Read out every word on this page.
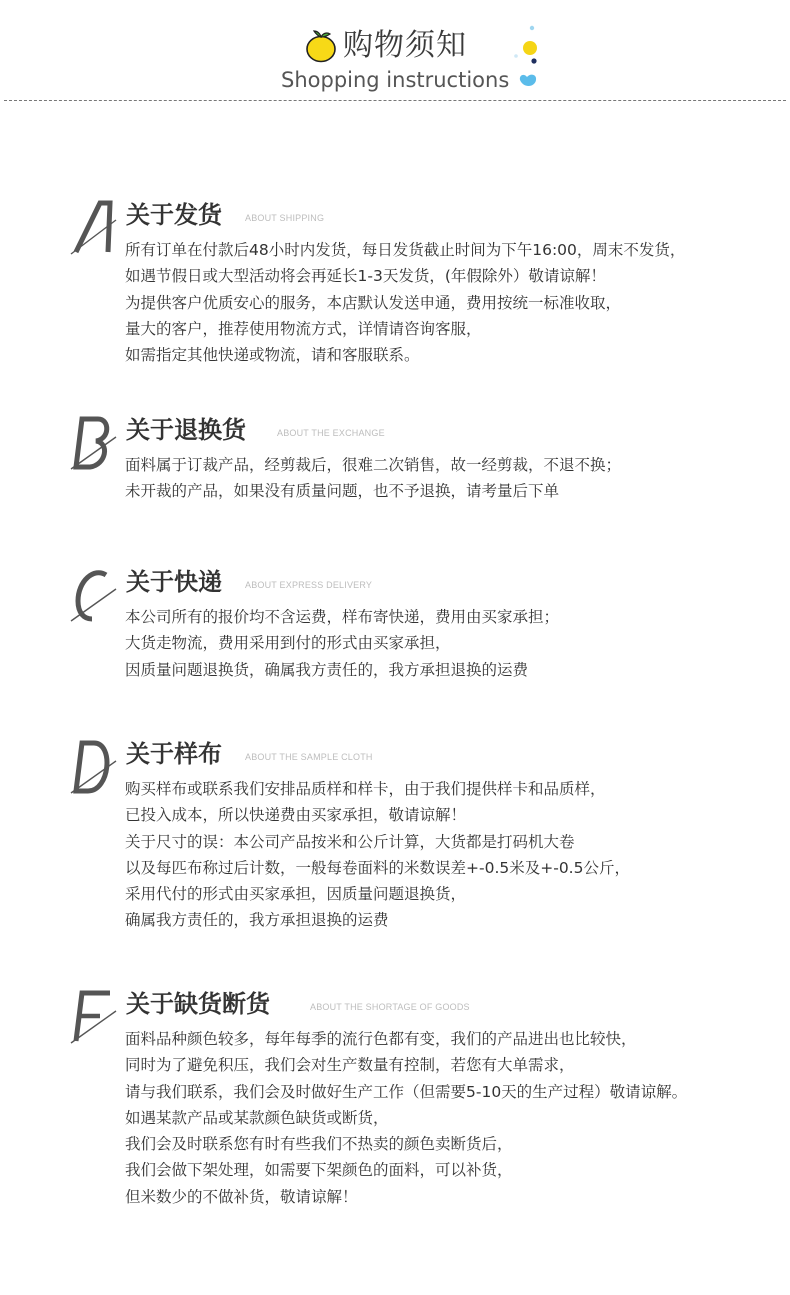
购物须知
Shopping instructions
关于发货	ABOUT SHIPPING
所有订单在付款后48小时内发货，每日发货截止时间为下午16:00，周末不发货，
如遇节假日或大型活动将会再延长1-3天发货，(年假除外）敬请谅解！
为提供客户优质安心的服务，本店默认发送申通，费用按统一标准收取，
量大的客户，推荐使用物流方式，详情请咨询客服，
如需指定其他快递或物流，请和客服联系。
关于退换货	ABOUT THE EXCHANGE
面料属于订裁产品，经剪裁后，很难二次销售，故一经剪裁，不退不换；
未开裁的产品，如果没有质量问题，也不予退换，请考量后下单
关于快递	ABOUT EXPRESS DELIVERY
本公司所有的报价均不含运费，样布寄快递，费用由买家承担；
大货走物流，费用采用到付的形式由买家承担，
因质量问题退换货，确属我方责任的，我方承担退换的运费
关于样布	ABOUT THE SAMPLE CLOTH
购买样布或联系我们安排品质样和样卡，由于我们提供样卡和品质样，
已投入成本，所以快递费由买家承担，敬请谅解！
关于尺寸的误：本公司产品按米和公斤计算，大货都是打码机大卷
以及每匹布称过后计数，一般每卷面料的米数误差+-0.5米及+-0.5公斤，
采用代付的形式由买家承担，因质量问题退换货，
确属我方责任的，我方承担退换的运费
关于缺货断货	ABOUT THE SHORTAGE OF GOODS
面料品种颜色较多，每年每季的流行色都有变，我们的产品进出也比较快，
同时为了避免积压，我们会对生产数量有控制，若您有大单需求，
请与我们联系，我们会及时做好生产工作（但需要5-10天的生产过程）敬请谅解。
如遇某款产品或某款颜色缺货或断货，
我们会及时联系您有时有些我们不热卖的颜色卖断货后，
我们会做下架处理，如需要下架颜色的面料，可以补货，
但米数少的不做补货，敬请谅解！
